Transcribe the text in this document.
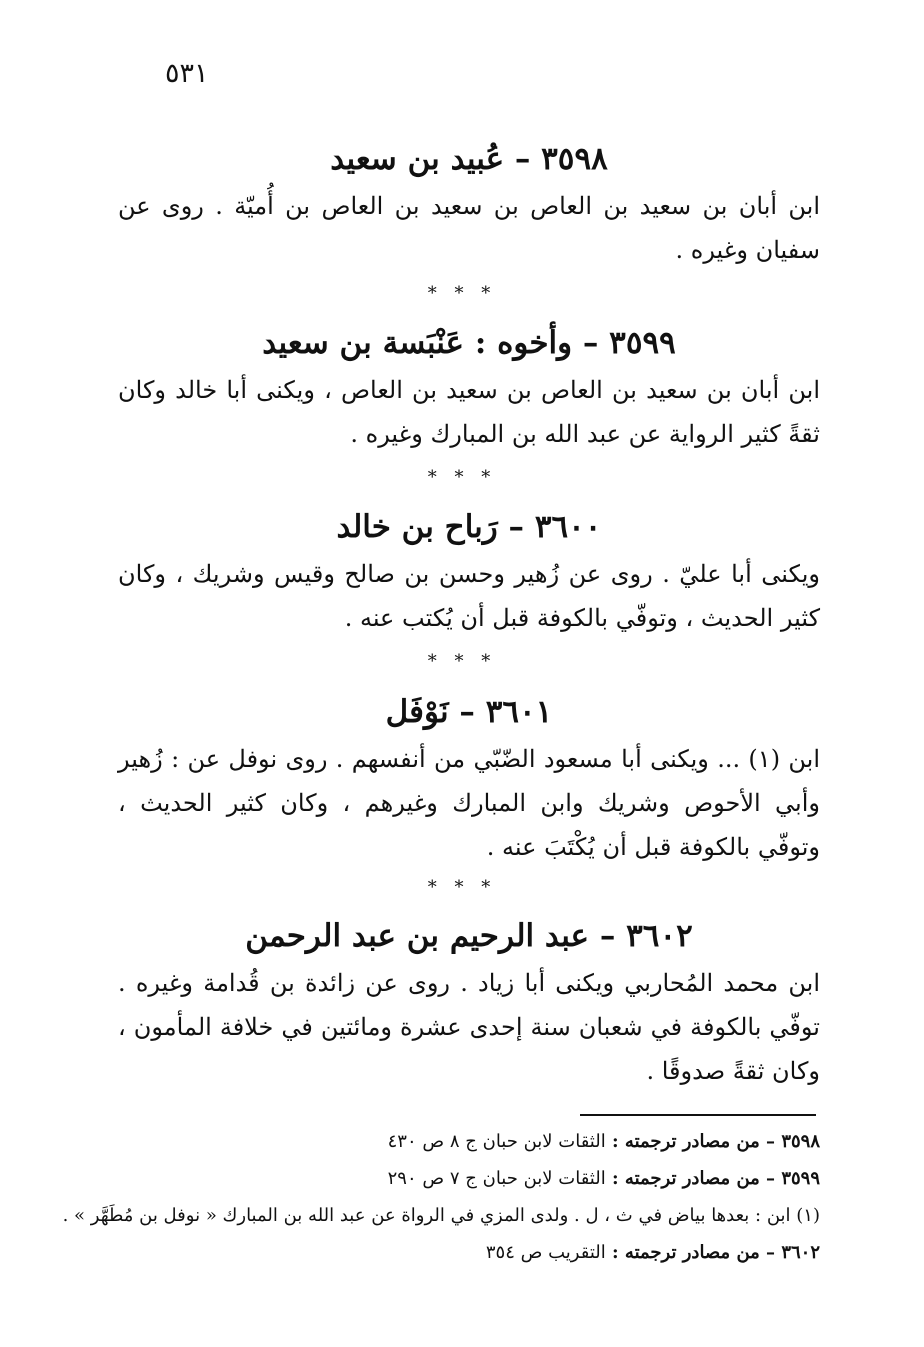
٥٣١
٣٥٩٨ – عُبيد بن سعيد

ابن أبان بن سعيد بن العاص بن سعيد بن العاص بن أُميّة . روى عن سفيان وغيره .

* * *
٣٥٩٩ – وأخوه : عَنْبَسة بن سعيد

ابن أبان بن سعيد بن العاص بن سعيد بن العاص ، ويكنى أبا خالد وكان ثقةً كثير الرواية عن عبد الله بن المبارك وغيره .

* * *
٣٦٠٠ – رَباح بن خالد

ويكنى أبا عليّ . روى عن زُهير وحسن بن صالح وقيس وشريك ، وكان كثير الحديث ، وتوفّي بالكوفة قبل أن يُكتب عنه .

* * *
٣٦٠١ – نَوْفَل

ابن (١) ... ويكنى أبا مسعود الضّبّي من أنفسهم . روى نوفل عن : زُهير وأبي الأحوص وشريك وابن المبارك وغيرهم ، وكان كثير الحديث ، وتوفّي بالكوفة قبل أن يُكْتَبَ عنه .

* * *
٣٦٠٢ – عبد الرحيم بن عبد الرحمن

ابن محمد المُحاربي ويكنى أبا زياد . روى عن زائدة بن قُدامة وغيره . توفّي بالكوفة في شعبان سنة إحدى عشرة ومائتين في خلافة المأمون ، وكان ثقةً صدوقًا .

٣٥٩٨ – من مصادر ترجمته : الثقات لابن حبان ج ٨ ص ٤٣٠
٣٥٩٩ – من مصادر ترجمته : الثقات لابن حبان ج ٧ ص ٢٩٠
(١) ابن : بعدها بياض في ث ، ل . ولدى المزي في الرواة عن عبد الله بن المبارك « نوفل بن مُطَهَّر » .
٣٦٠٢ – من مصادر ترجمته : التقريب ص ٣٥٤
